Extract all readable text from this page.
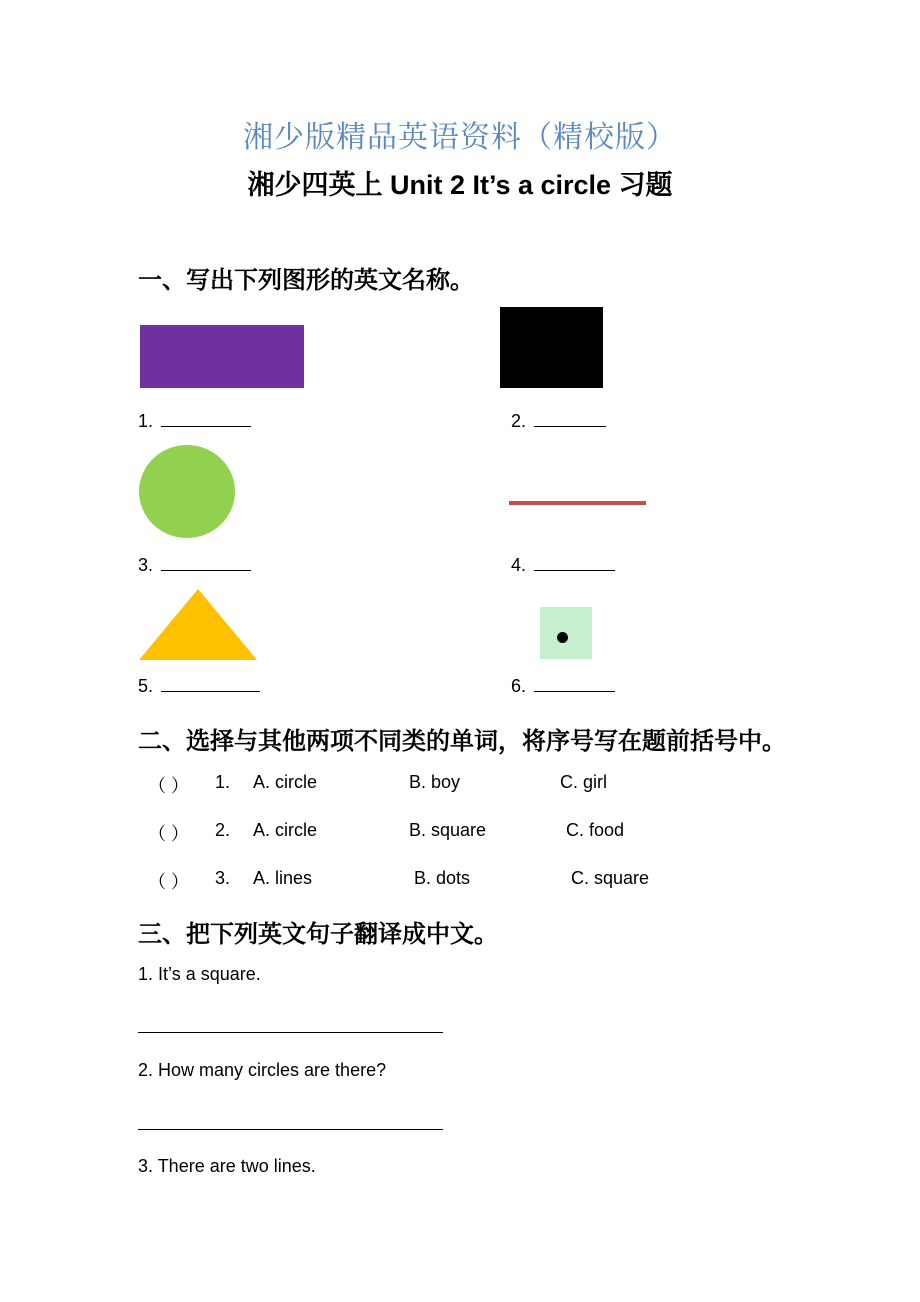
湘少版精品英语资料（精校版）
湘少四英上 Unit 2 It’s a circle 习题
一、写出下列图形的英文名称。
1.	2.
3.	4.
5.	6.
二、选择与其他两项不同类的单词，将序号写在题前括号中。
（ ） 1. A. circle	B. boy	C. girl
（ ） 2. A. circle	B. square	C. food
（ ） 3. A. lines	B. dots	C. square
三、把下列英文句子翻译成中文。
1. It’s a square.
2. How many circles are there?
3. There are two lines.
